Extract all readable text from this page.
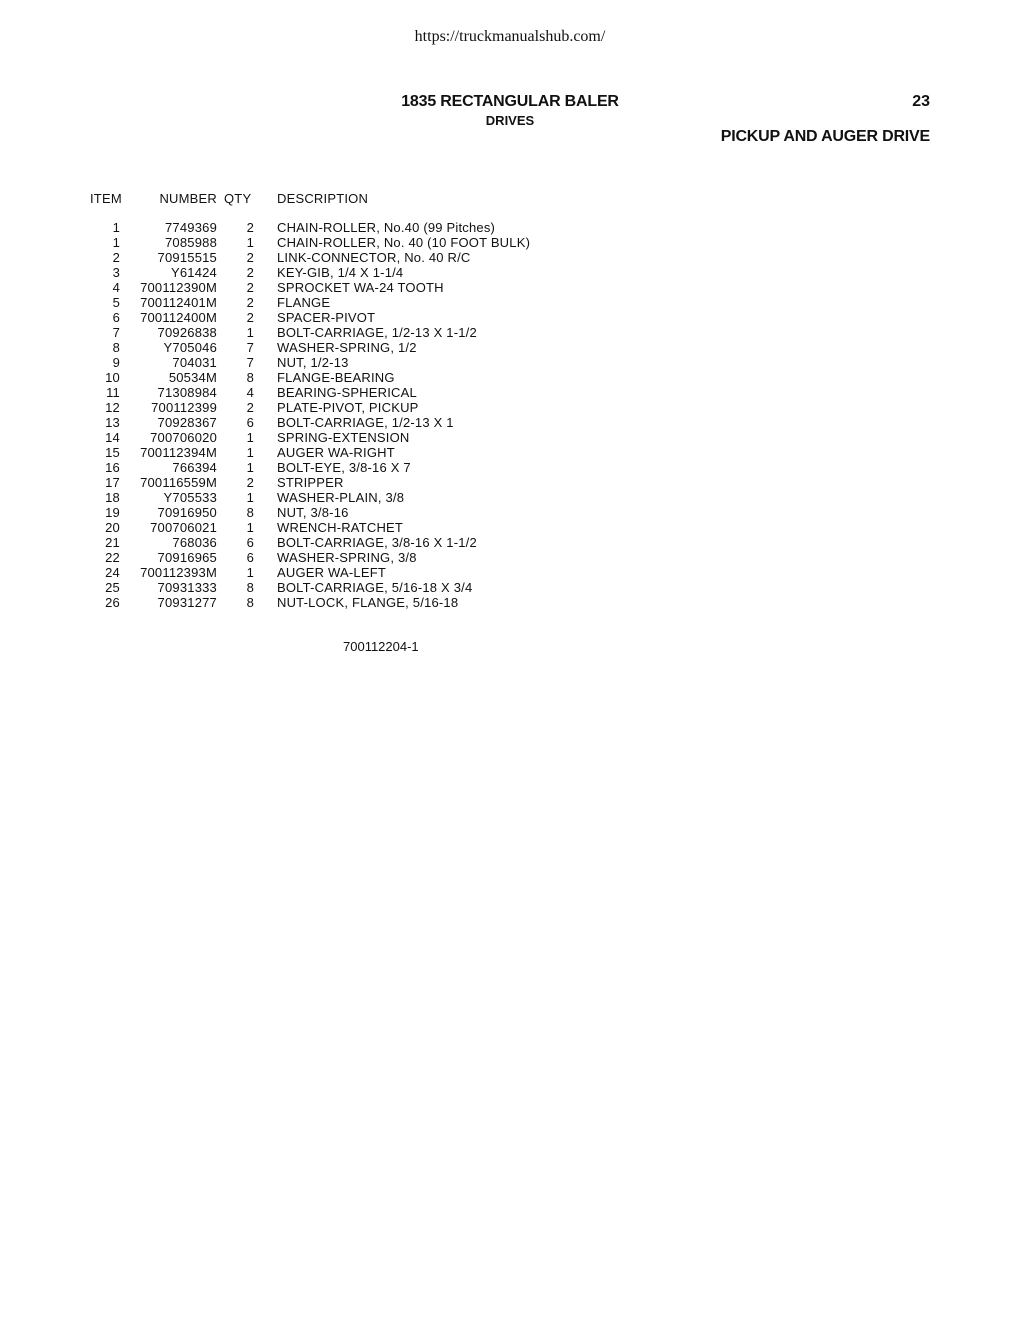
https://truckmanualshub.com/
1835 RECTANGULAR BALER
DRIVES
23
PICKUP AND AUGER DRIVE
ITEM	NUMBER QTY DESCRIPTION
1	7749369	2 CHAIN-ROLLER, No.40 (99 Pitches)
1	7085988	1 CHAIN-ROLLER, No. 40 (10 FOOT BULK)
2	70915515	2 LINK-CONNECTOR, No. 40 R/C
3	Y61424	2 KEY-GIB, 1/4 X 1-1/4
4	700112390M	2 SPROCKET WA-24 TOOTH
5	700112401M	2 FLANGE
6	700112400M	2 SPACER-PIVOT
7	70926838	1 BOLT-CARRIAGE, 1/2-13 X 1-1/2
8	Y705046	7 WASHER-SPRING, 1/2
9	704031	7 NUT, 1/2-13
10	50534M	8 FLANGE-BEARING
11	71308984	4 BEARING-SPHERICAL
12	700112399	2 PLATE-PIVOT, PICKUP
13	70928367	6 BOLT-CARRIAGE, 1/2-13 X 1
14	700706020	1 SPRING-EXTENSION
15	700112394M	1 AUGER WA-RIGHT
16	766394	1 BOLT-EYE, 3/8-16 X 7
17	700116559M	2 STRIPPER
18	Y705533	1 WASHER-PLAIN, 3/8
19	70916950	8 NUT, 3/8-16
20	700706021	1 WRENCH-RATCHET
21	768036	6 BOLT-CARRIAGE, 3/8-16 X 1-1/2
22	70916965	6 WASHER-SPRING, 3/8
24	700112393M	1 AUGER WA-LEFT
25	70931333	8 BOLT-CARRIAGE, 5/16-18 X 3/4
26	70931277	8 NUT-LOCK, FLANGE, 5/16-18
700112204-1
